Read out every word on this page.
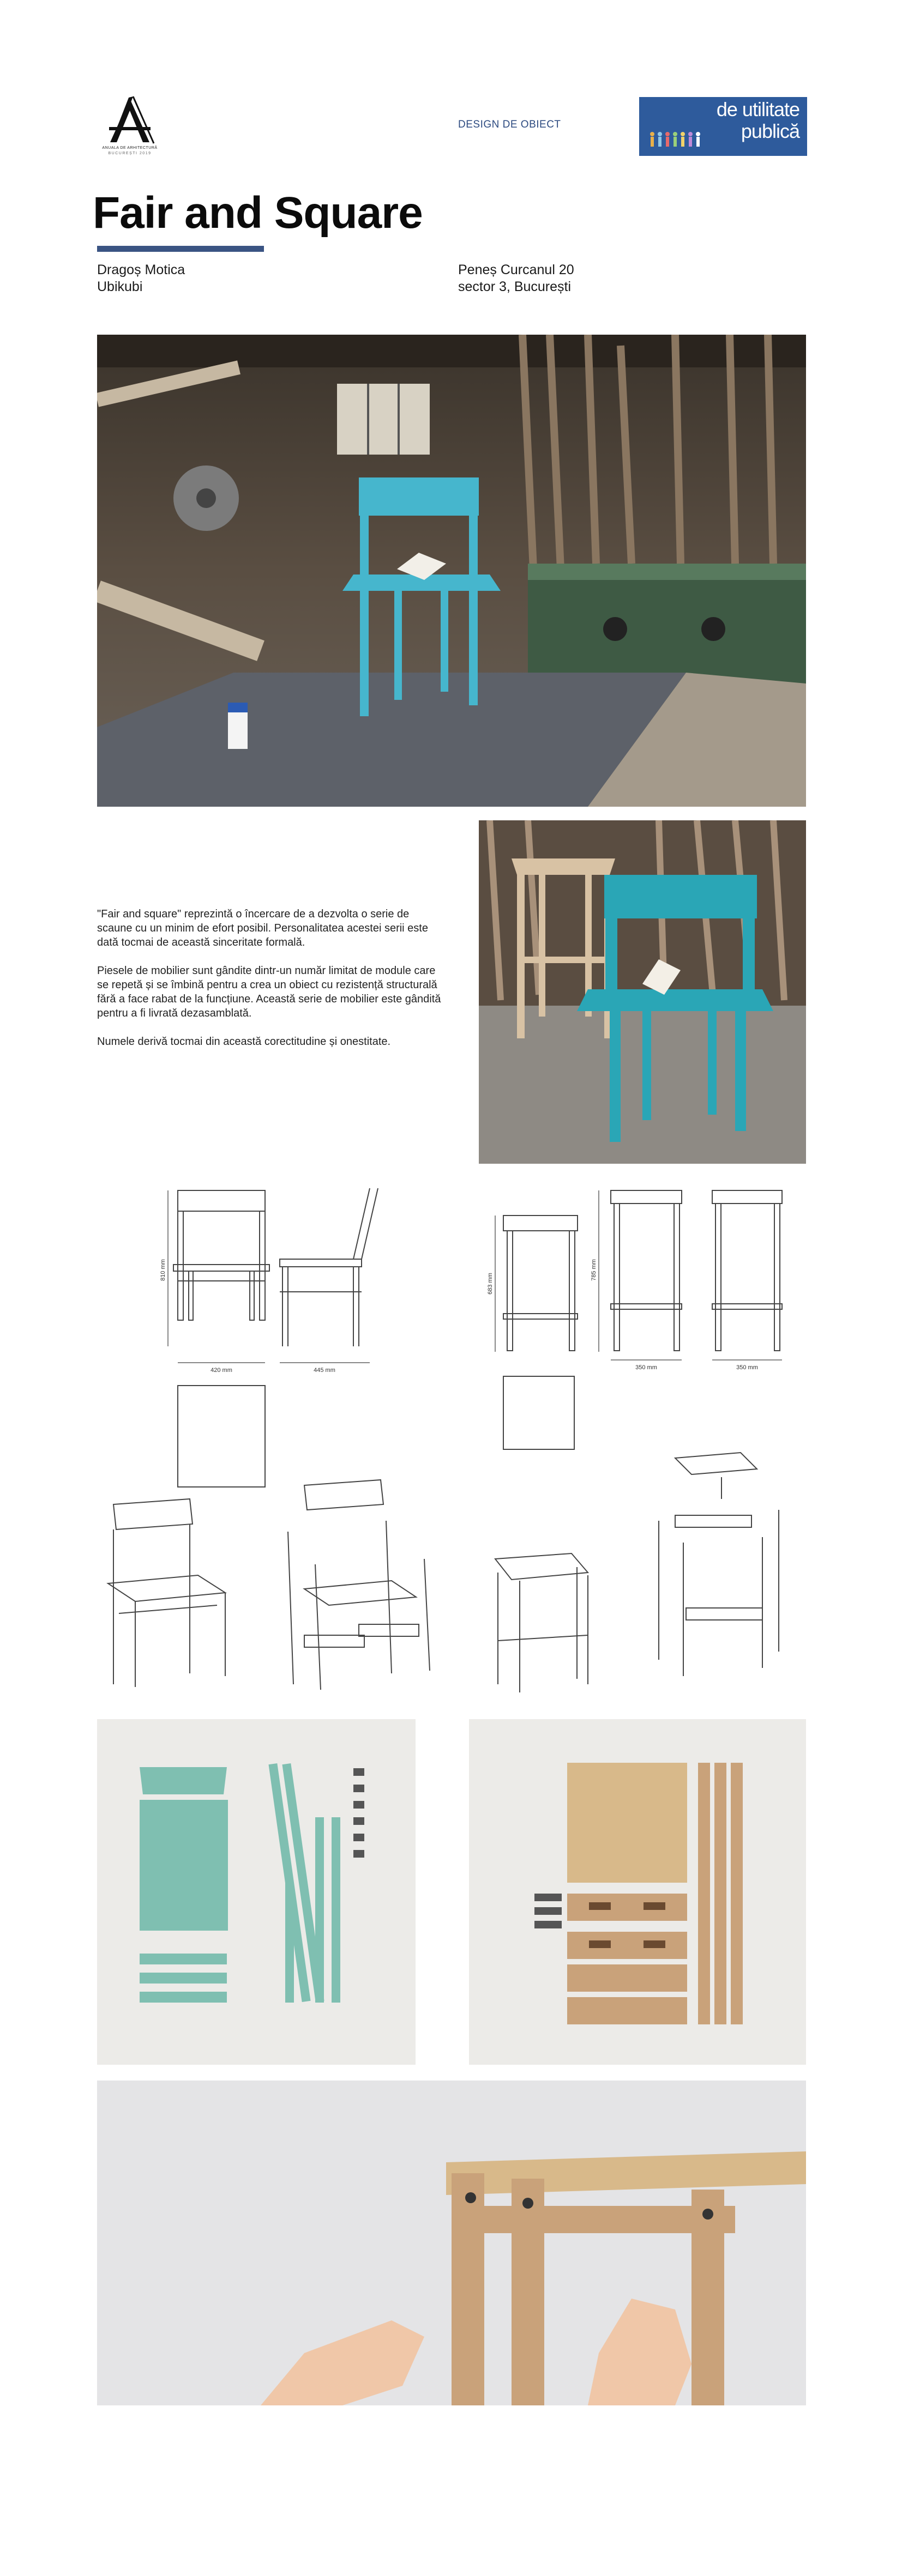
ANUALA DE ARHITECTURĂ
BUCUREȘTI 2019
DESIGN DE OBIECT
de utilitate
publică
Fair and Square
Dragoș Motica
Ubikubi
Peneș Curcanul 20
sector 3, București

"Fair and square" reprezintă o încercare de a dezvolta o serie de scaune cu un minim de efort posibil. Personalitatea acestei serii este dată tocmai de această sinceritate formală.

Piesele de mobilier sunt gândite dintr-un număr limitat de module care se repetă și se îmbină pentru a crea un obiect cu rezistență structurală fără a face rabat de la funcțiune. Această serie de mobilier este gândită pentru a fi livrată dezasamblată.

Numele derivă tocmai din această corectitudine și onestitate.

810 mm
420 mm	445 mm
683 mm
785 mm
350 mm	350 mm
